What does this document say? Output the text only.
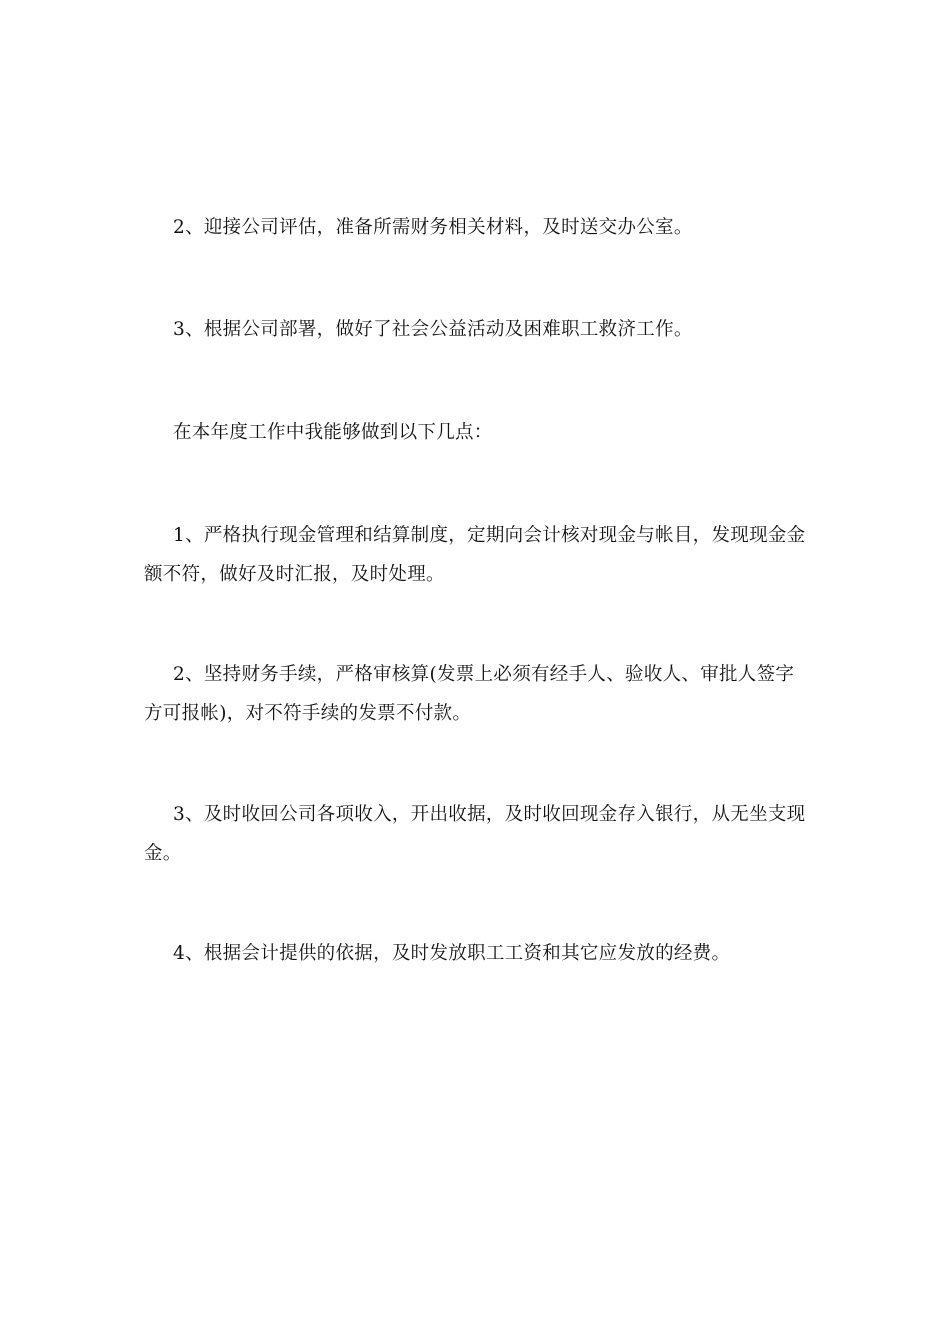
2、迎接公司评估，准备所需财务相关材料，及时送交办公室。

3、根据公司部署，做好了社会公益活动及困难职工救济工作。

在本年度工作中我能够做到以下几点：

1、严格执行现金管理和结算制度，定期向会计核对现金与帐目，发现现金金额不符，做好及时汇报，及时处理。

2、坚持财务手续，严格审核算(发票上必须有经手人、验收人、审批人签字方可报帐)，对不符手续的发票不付款。

3、及时收回公司各项收入，开出收据，及时收回现金存入银行，从无坐支现金。

4、根据会计提供的依据，及时发放职工工资和其它应发放的经费。
